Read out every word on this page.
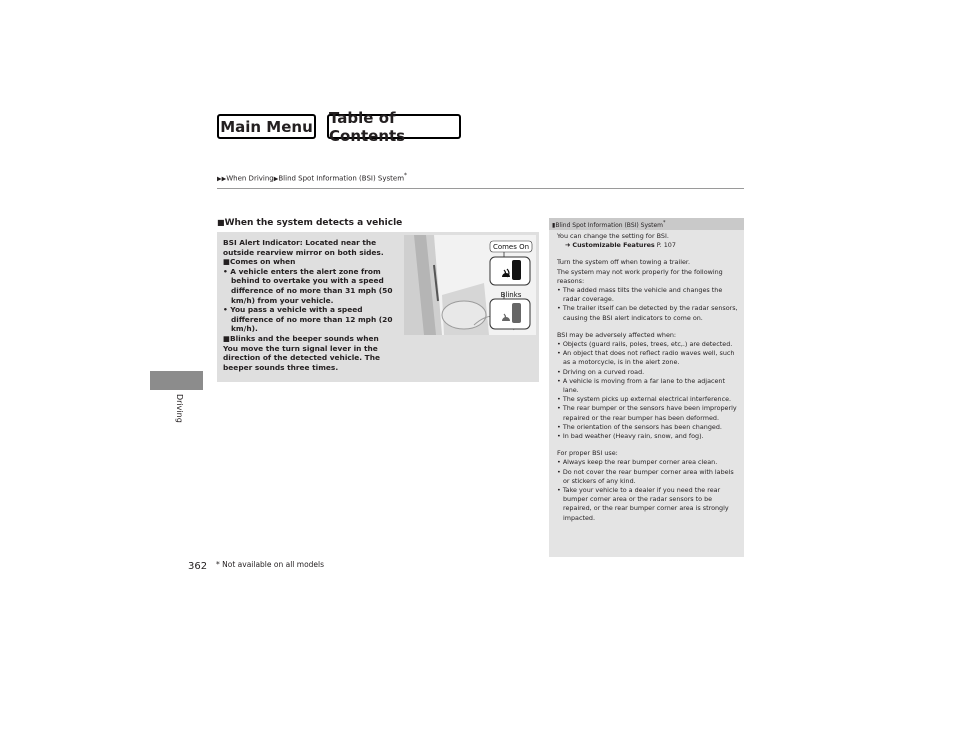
Main Menu Table of Contents
▶▶When Driving▶Blind Spot Information (BSI) System*
Driving
■When the system detects a vehicle

BSI Alert Indicator: Located near the outside rearview mirror on both sides.

■Comes on when

• A vehicle enters the alert zone from behind to overtake you with a speed difference of no more than 31 mph (50 km/h) from your vehicle.

• You pass a vehicle with a speed difference of no more than 12 mph (20 km/h).

■Blinks and the beeper sounds when

You move the turn signal lever in the direction of the detected vehicle. The beeper sounds three times.

Comes On
Blinks
▮Blind Spot Information (BSI) System*

You can change the setting for BSI.

➜ Customizable Features P. 107

Turn the system off when towing a trailer.

The system may not work properly for the following reasons:

• The added mass tilts the vehicle and changes the radar coverage.

• The trailer itself can be detected by the radar sensors, causing the BSI alert indicators to come on.

BSI may be adversely affected when:

• Objects (guard rails, poles, trees, etc,.) are detected.

• An object that does not reflect radio waves well, such as a motorcycle, is in the alert zone.

• Driving on a curved road.

• A vehicle is moving from a far lane to the adjacent lane.

• The system picks up external electrical interference.

• The rear bumper or the sensors have been improperly repaired or the rear bumper has been deformed.

• The orientation of the sensors has been changed.

• In bad weather (Heavy rain, snow, and fog).

For proper BSI use:

• Always keep the rear bumper corner area clean.

• Do not cover the rear bumper corner area with labels or stickers of any kind.

• Take your vehicle to a dealer if you need the rear bumper corner area or the radar sensors to be repaired, or the rear bumper corner area is strongly impacted.

362 * Not available on all models
